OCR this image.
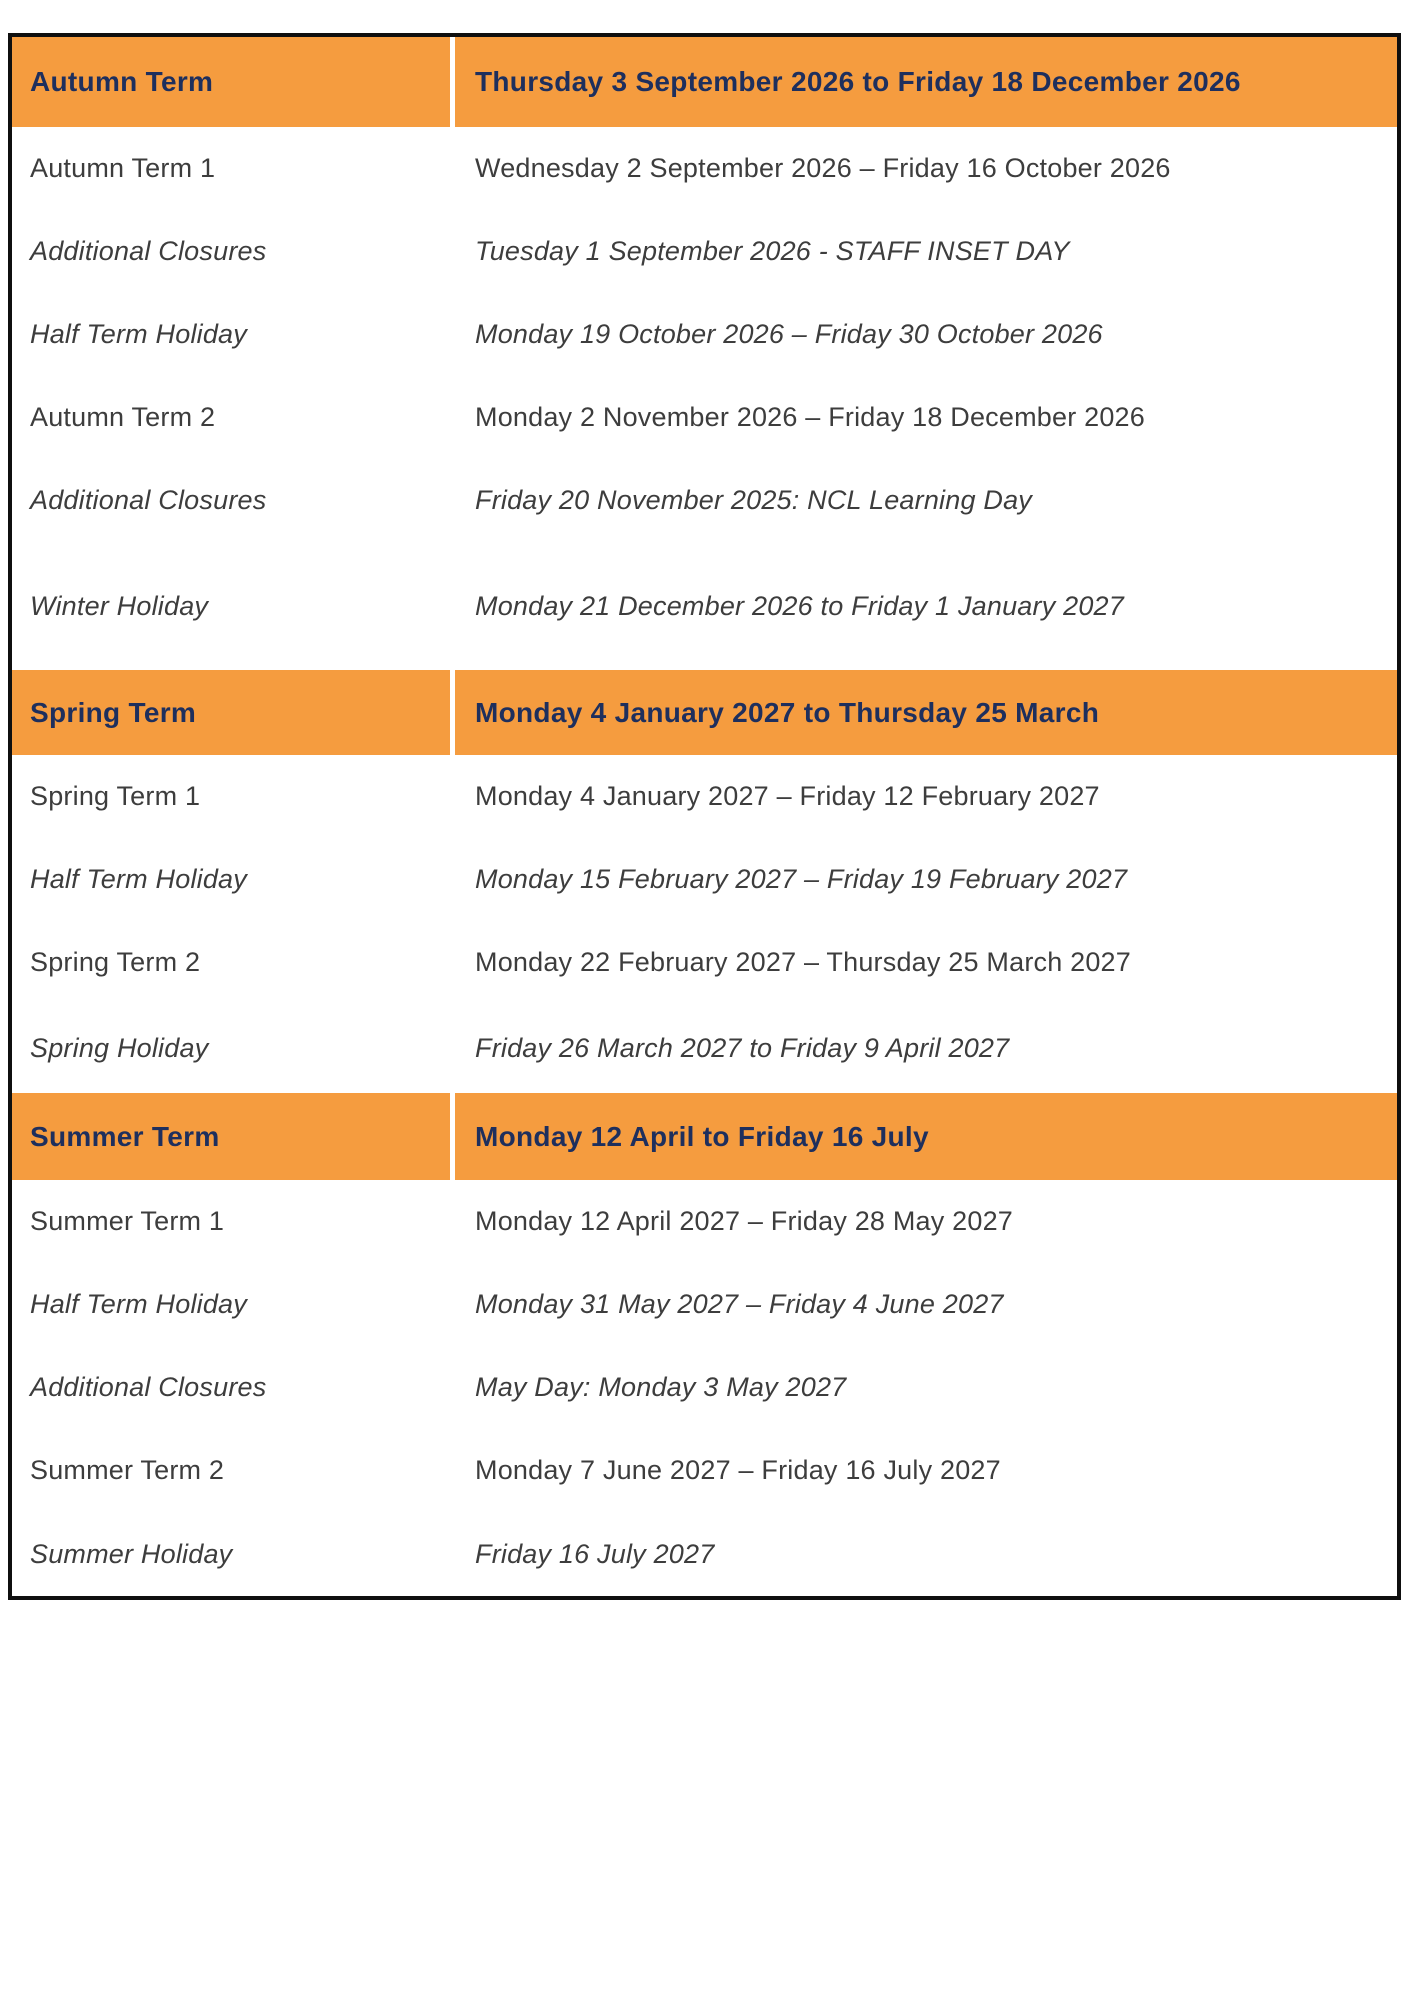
Autumn Term	Thursday 3 September 2026 to Friday 18 December 2026
Autumn Term 1	Wednesday 2 September 2026 – Friday 16 October 2026
Additional Closures	Tuesday 1 September 2026 - STAFF INSET DAY
Half Term Holiday	Monday 19 October 2026 – Friday 30 October 2026
Autumn Term 2	Monday 2 November 2026 – Friday 18 December 2026
Additional Closures	Friday 20 November 2025: NCL Learning Day
Winter Holiday	Monday 21 December 2026 to Friday 1 January 2027
Spring Term	Monday 4 January 2027 to Thursday 25 March
Spring Term 1	Monday 4 January 2027 – Friday 12 February 2027
Half Term Holiday	Monday 15 February 2027 – Friday 19 February 2027
Spring Term 2	Monday 22 February 2027 – Thursday 25 March 2027
Spring Holiday	Friday 26 March 2027 to Friday 9 April 2027
Summer Term	Monday 12 April to Friday 16 July
Summer Term 1	Monday 12 April 2027 – Friday 28 May 2027
Half Term Holiday	Monday 31 May 2027 – Friday 4 June 2027
Additional Closures	May Day: Monday 3 May 2027
Summer Term 2	Monday 7 June 2027 – Friday 16 July 2027
Summer Holiday	Friday 16 July 2027
